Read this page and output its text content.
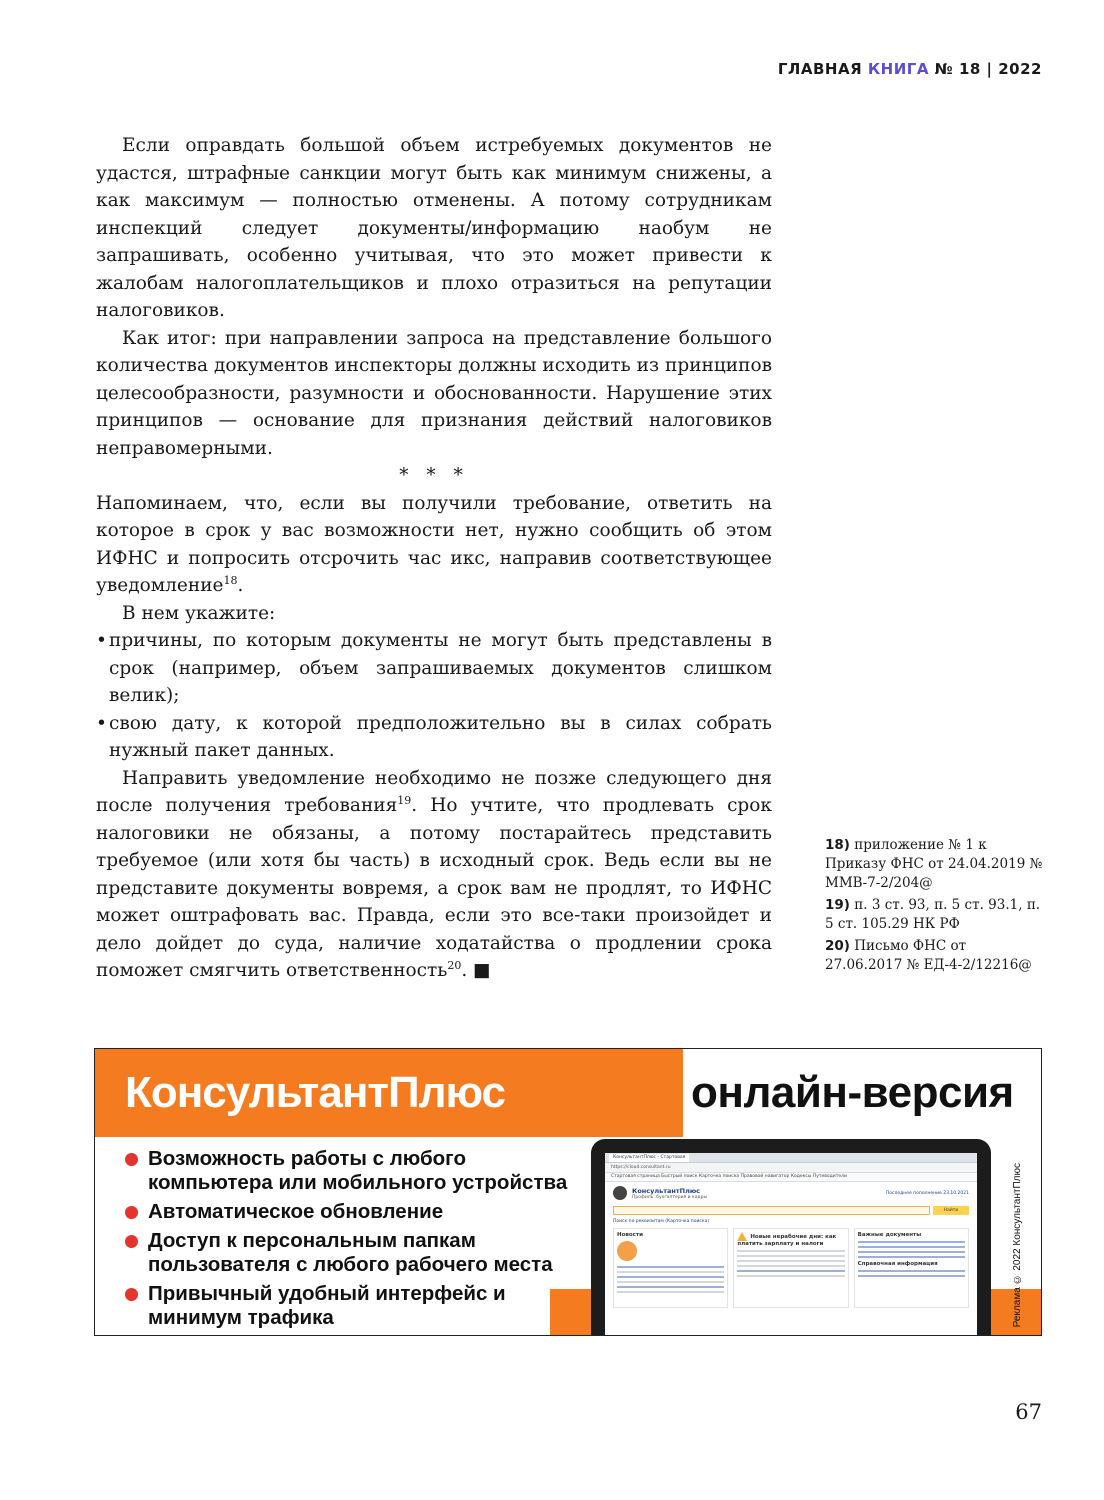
ГЛАВНАЯ КНИГА № 18 | 2022

Если оправдать большой объем истребуемых документов не удастся, штрафные санкции могут быть как минимум снижены, а как максимум — полностью отменены. А потому сотрудникам инспекций следует документы/информацию наобум не запрашивать, особенно учитывая, что это может привести к жалобам налогоплательщиков и плохо отразиться на репутации налоговиков.

Как итог: при направлении запроса на представление большого количества документов инспекторы должны исходить из принципов целесообразности, разумности и обоснованности. Нарушение этих принципов — основание для признания действий налоговиков неправомерными.

* * *

Напоминаем, что, если вы получили требование, ответить на которое в срок у вас возможности нет, нужно сообщить об этом ИФНС и попросить отсрочить час икс, направив соответствующее уведомление$^{18}$.

В нем укажите:

• причины, по которым документы не могут быть представлены в срок (например, объем запрашиваемых документов слишком велик);
• свою дату, к которой предположительно вы в силах собрать нужный пакет данных.

Направить уведомление необходимо не позже следующего дня после получения требования$^{19}$. Но учтите, что продлевать срок налоговики не обязаны, а потому постарайтесь представить требуемое (или хотя бы часть) в исходный срок. Ведь если вы не представите документы вовремя, а срок вам не продлят, то ИФНС может оштрафовать вас. Правда, если это все-таки произойдет и дело дойдет до суда, наличие ходатайства о продлении срока поможет смягчить ответственность$^{20}$. ■

18) приложение № 1 к Приказу ФНС от 24.04.2019 № ММВ-7-2/204@
19) п. 3 ст. 93, п. 5 ст. 93.1, п. 5 ст. 105.29 НК РФ
20) Письмо ФНС от 27.06.2017 № ЕД-4-2/12216@
КонсультантПлюс	онлайн-версия
Возможность работы с любого компьютера или мобильного устройства
Автоматическое обновление
Доступ к персональным папкам пользователя с любого рабочего места
Привычный удобный интерфейс и минимум трафика
КонсультантПлюс - Стартовая
https://cloud.consultant.ru
Стартовая страница Быстрый поиск Карточка поиска Правовой навигатор Кодексы Путеводители
КонсультантПлюс
Профиль: бухгалтерия и кадры
Последнее пополнение 23.10.2021
Найти
Поиск по реквизитам (Карточка поиска)
Новости	Новые нерабочие дни: как платить зарплату и налоги
Важные документы
Справочная информация	Реклама © 2022 КонсультантПлюс
67
